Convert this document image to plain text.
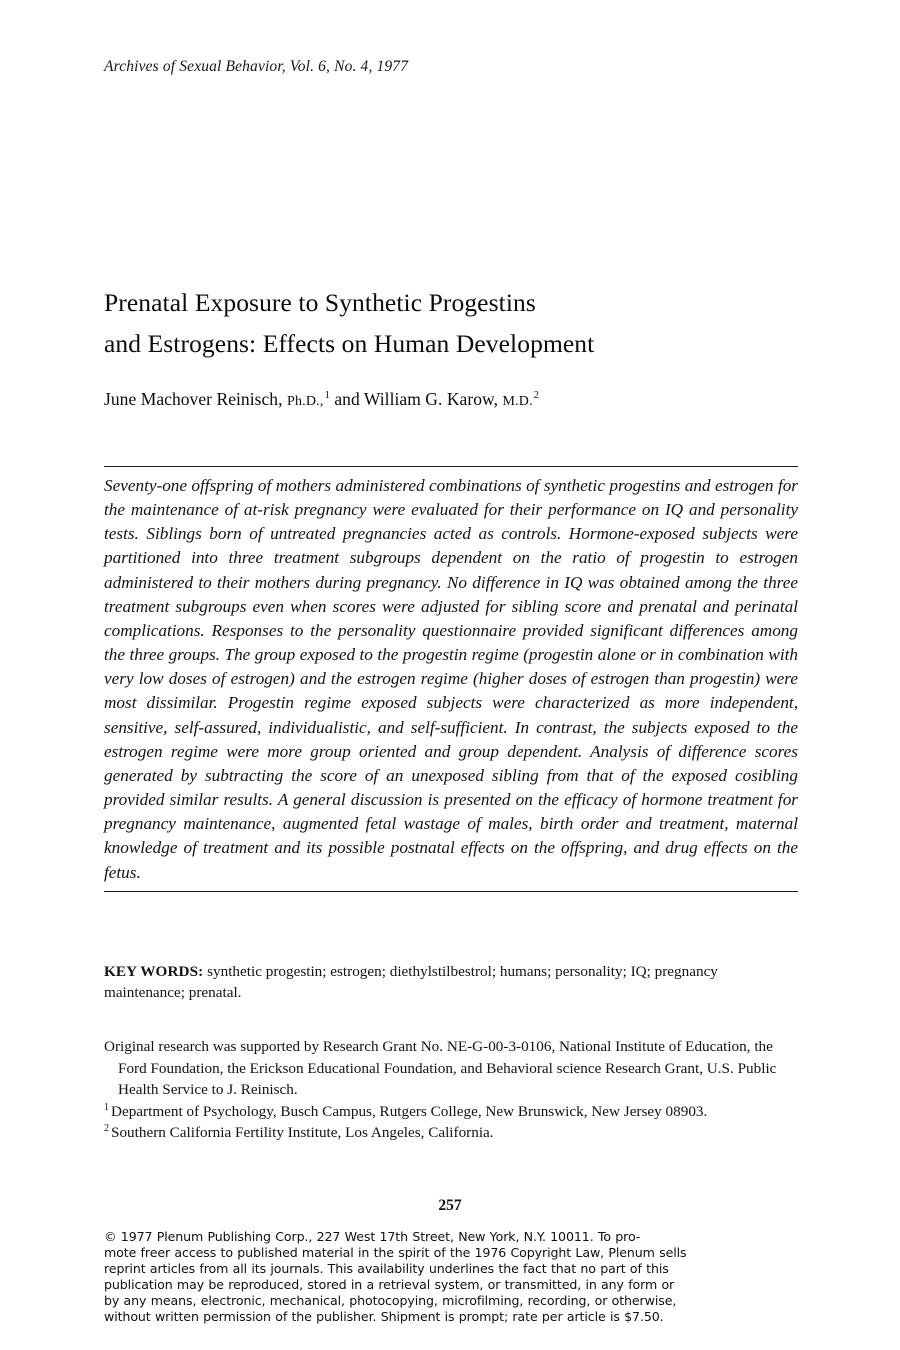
Archives of Sexual Behavior, Vol. 6, No. 4, 1977
Prenatal Exposure to Synthetic Progestins
and Estrogens: Effects on Human Development
June Machover Reinisch, Ph.D.,$^1$ and William G. Karow, M.D.$^2$
Seventy-one offspring of mothers administered combinations of synthetic progestins and estrogen for the maintenance of at-risk pregnancy were evaluated for their performance on IQ and personality tests. Siblings born of untreated pregnancies acted as controls. Hormone-exposed subjects were partitioned into three treatment subgroups dependent on the ratio of progestin to estrogen administered to their mothers during pregnancy. No difference in IQ was obtained among the three treatment subgroups even when scores were adjusted for sibling score and prenatal and perinatal complications. Responses to the personality questionnaire provided significant differences among the three groups. The group exposed to the progestin regime (progestin alone or in combination with very low doses of estrogen) and the estrogen regime (higher doses of estrogen than progestin) were most dissimilar. Progestin regime exposed subjects were characterized as more independent, sensitive, self-assured, individualistic, and self-sufficient. In contrast, the subjects exposed to the estrogen regime were more group oriented and group dependent. Analysis of difference scores generated by subtracting the score of an unexposed sibling from that of the exposed cosibling provided similar results. A general discussion is presented on the efficacy of hormone treatment for pregnancy maintenance, augmented fetal wastage of males, birth order and treatment, maternal knowledge of treatment and its possible postnatal effects on the offspring, and drug effects on the fetus.
KEY WORDS: synthetic progestin; estrogen; diethylstilbestrol; humans; personality; IQ; pregnancy maintenance; prenatal.
Original research was supported by Research Grant No. NE-G-00-3-0106, National Institute of Education, the Ford Foundation, the Erickson Educational Foundation, and Behavioral science Research Grant, U.S. Public Health Service to J. Reinisch.
$^1$ Department of Psychology, Busch Campus, Rutgers College, New Brunswick, New Jersey 08903.
$^2$ Southern California Fertility Institute, Los Angeles, California.
257
© 1977 Plenum Publishing Corp., 227 West 17th Street, New York, N.Y. 10011. To pro-
mote freer access to published material in the spirit of the 1976 Copyright Law, Plenum sells
reprint articles from all its journals. This availability underlines the fact that no part of this
publication may be reproduced, stored in a retrieval system, or transmitted, in any form or
by any means, electronic, mechanical, photocopying, microfilming, recording, or otherwise,
without written permission of the publisher. Shipment is prompt; rate per article is $7.50.
